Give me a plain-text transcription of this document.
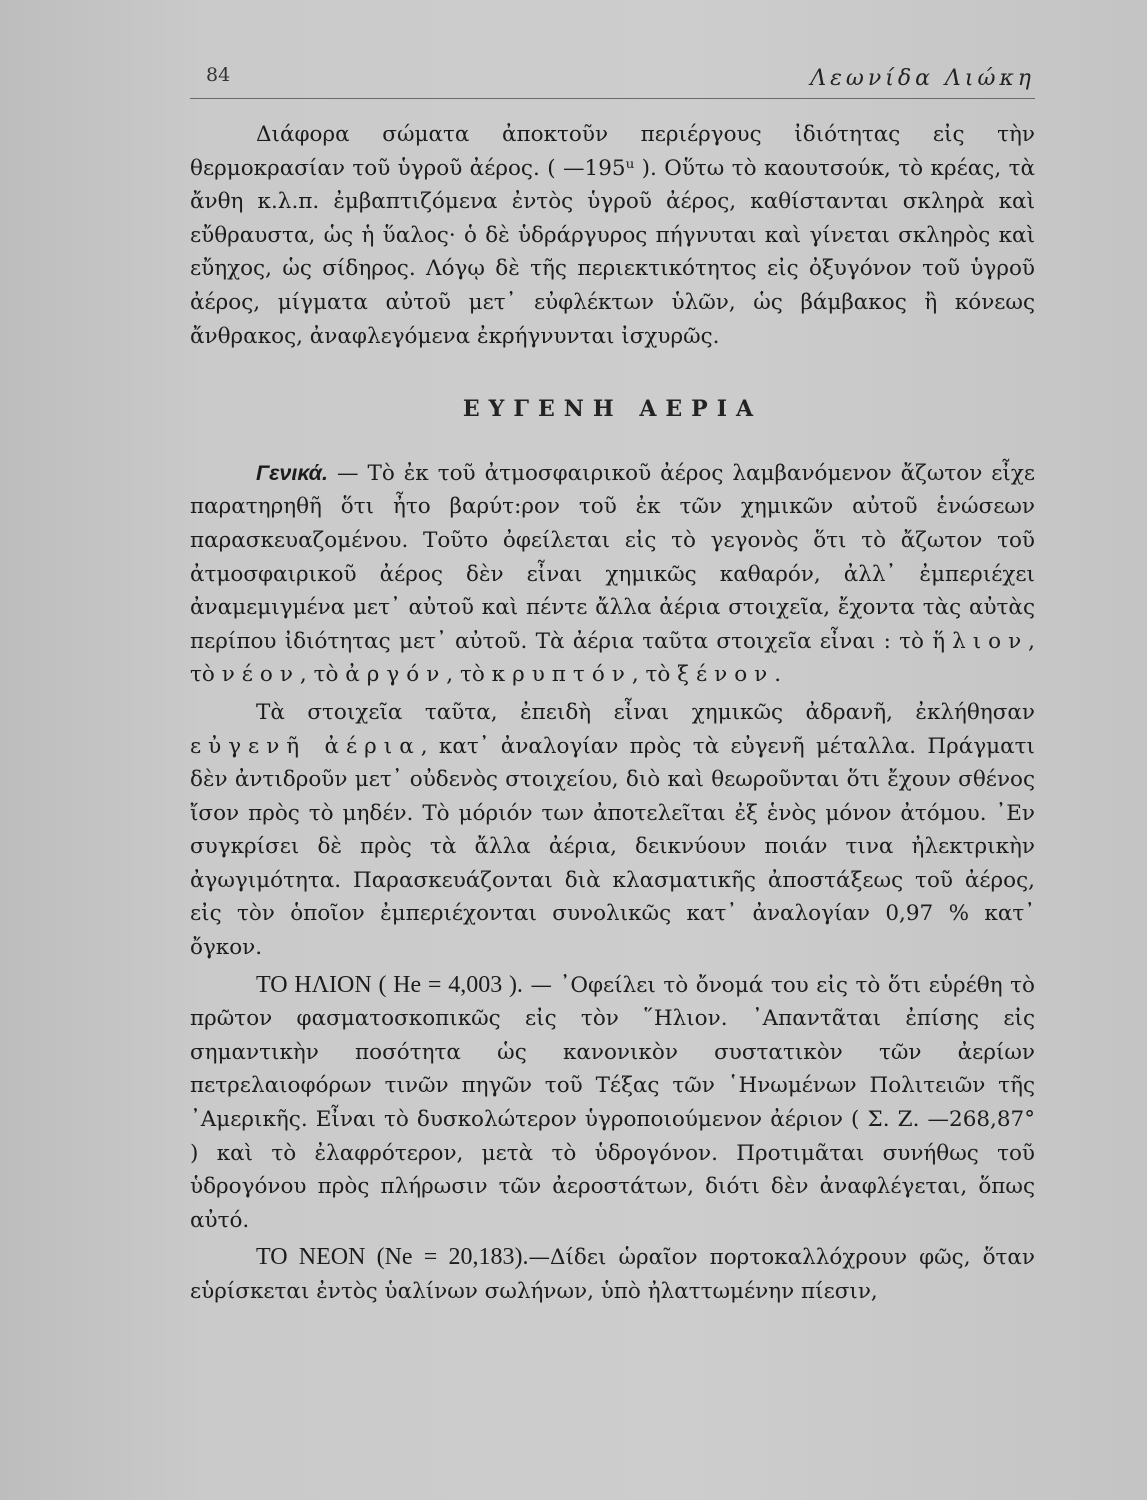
84	Λεωνίδα Λιώκη

Διάφορα σώματα ἀποκτοῦν περιέργους ἰδιότητας εἰς τὴν θερμοκρασίαν τοῦ ὑγροῦ ἀέρος. ( —195ᵘ ). Οὕτω τὸ καουτσούκ, τὸ κρέας, τὰ ἄνθη κ.λ.π. ἐμβαπτιζόμενα ἐντὸς ὑγροῦ ἀέρος, καθίστανται σκληρὰ καὶ εὔθραυστα, ὡς ἡ ὕαλος· ὁ δὲ ὑδράργυρος πήγνυται καὶ γίνεται σκληρὸς καὶ εὔηχος, ὡς σίδηρος. Λόγῳ δὲ τῆς περιεκτικότητος εἰς ὀξυγόνον τοῦ ὑγροῦ ἀέρος, μίγματα αὐτοῦ μετ᾽ εὐφλέκτων ὑλῶν, ὡς βάμβακος ἢ κόνεως ἄνθρακος, ἀναφλεγόμενα ἐκρήγνυνται ἰσχυρῶς.

ΕΥΓΕΝΗ ΑΕΡΙΑ

Γενικά. — Τὸ ἐκ τοῦ ἀτμοσφαιρικοῦ ἀέρος λαμβανόμενον ἄζωτον εἶχε παρατηρηθῆ ὅτι ἦτο βαρύτ:ρον τοῦ ἐκ τῶν χημικῶν αὐτοῦ ἑνώσεων παρασκευαζομένου. Τοῦτο ὀφείλεται εἰς τὸ γεγονὸς ὅτι τὸ ἄζωτον τοῦ ἀτμοσφαιρικοῦ ἀέρος δὲν εἶναι χημικῶς καθαρόν, ἀλλ᾽ ἐμπεριέχει ἀναμεμιγμένα μετ᾽ αὐτοῦ καὶ πέντε ἄλλα ἀέρια στοιχεῖα, ἔχοντα τὰς αὐτὰς περίπου ἰδιότητας μετ᾽ αὐτοῦ. Τὰ ἀέρια ταῦτα στοιχεῖα εἶναι : τὸ ἥλιον, τὸ νέον, τὸ ἀργόν, τὸ κρυπτόν, τὸ ξένον.

Τὰ στοιχεῖα ταῦτα, ἐπειδὴ εἶναι χημικῶς ἀδρανῆ, ἐκλήθησαν εὐγενῆ ἀέρια, κατ᾽ ἀναλογίαν πρὸς τὰ εὐγενῆ μέταλλα. Πράγματι δὲν ἀντιδροῦν μετ᾽ οὐδενὸς στοιχείου, διὸ καὶ θεωροῦνται ὅτι ἔχουν σθένος ἴσον πρὸς τὸ μηδέν. Τὸ μόριόν των ἀποτελεῖται ἐξ ἑνὸς μόνον ἀτόμου. ᾿Εν συγκρίσει δὲ πρὸς τὰ ἄλλα ἀέρια, δεικνύουν ποιάν τινα ἠλεκτρικὴν ἀγωγιμότητα. Παρασκευάζονται διὰ κλασματικῆς ἀποστάξεως τοῦ ἀέρος, εἰς τὸν ὁποῖον ἐμπεριέχονται συνολικῶς κατ᾽ ἀναλογίαν 0,97 % κατ᾽ ὄγκον.

ΤΟ ΗΛΙΟΝ ( He = 4,003 ). — ᾿Οφείλει τὸ ὄνομά του εἰς τὸ ὅτι εὑρέθη τὸ πρῶτον φασματοσκοπικῶς εἰς τὸν ῞Ηλιον. ᾿Απαντᾶται ἐπίσης εἰς σημαντικὴν ποσότητα ὡς κανονικὸν συστατικὸν τῶν ἀερίων πετρελαιοφόρων τινῶν πηγῶν τοῦ Τέξας τῶν ῾Ηνωμένων Πολιτειῶν τῆς ᾿Αμερικῆς. Εἶναι τὸ δυσκολώτερον ὑγροποιούμενον ἀέριον ( Σ. Ζ. —268,87° ) καὶ τὸ ἐλαφρότερον, μετὰ τὸ ὑδρογόνον. Προτιμᾶται συνήθως τοῦ ὑδρογόνου πρὸς πλήρωσιν τῶν ἀεροστάτων, διότι δὲν ἀναφλέγεται, ὅπως αὐτό.

ΤΟ ΝΕΟΝ (Ne = 20,183).—Δίδει ὡραῖον πορτοκαλλόχρουν φῶς, ὅταν εὑρίσκεται ἐντὸς ὑαλίνων σωλήνων, ὑπὸ ἠλαττωμένην πίεσιν,
